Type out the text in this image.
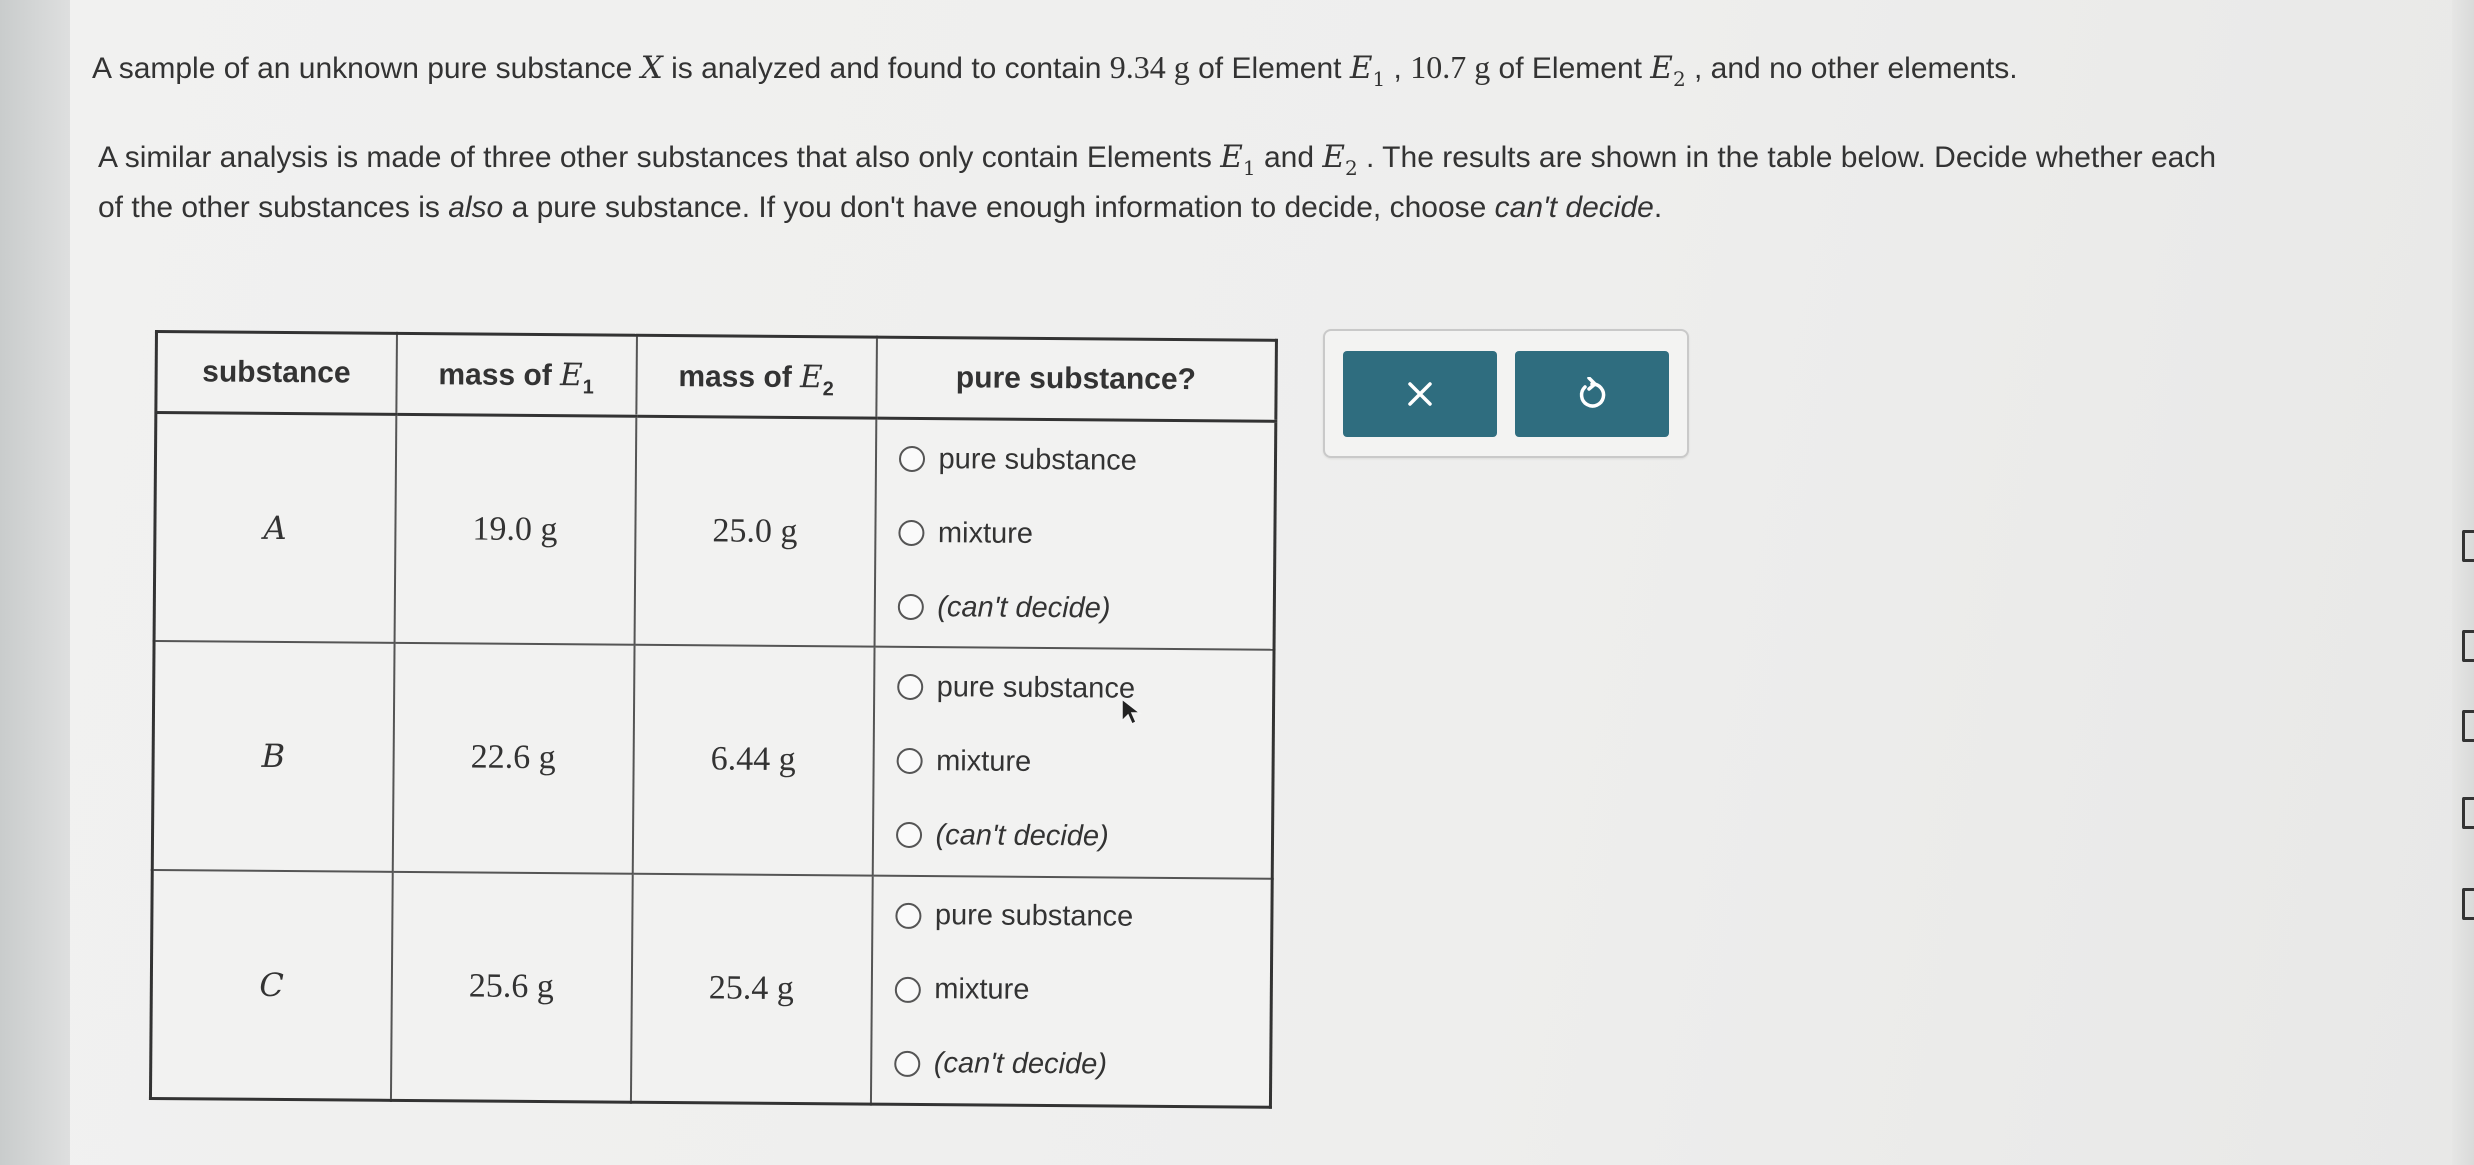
A sample of an unknown pure substance X is analyzed and found to contain 9.34 g of Element $E_1$ , 10.7 g of Element $E_2$ , and no other elements.
A similar analysis is made of three other substances that also only contain Elements $E_1$ and $E_2$ . The results are shown in the table below. Decide whether each
of the other substances is also a pure substance. If you don't have enough information to decide, choose can't decide.
substance	mass of $E_1$	mass of $E_2$	pure substance?
A	19.0 g	25.0 g	pure substance
mixture
(can't decide)

B	22.6 g	6.44 g	pure substance
mixture
(can't decide)

C	25.6 g	25.4 g	pure substance
mixture
(can't decide)
